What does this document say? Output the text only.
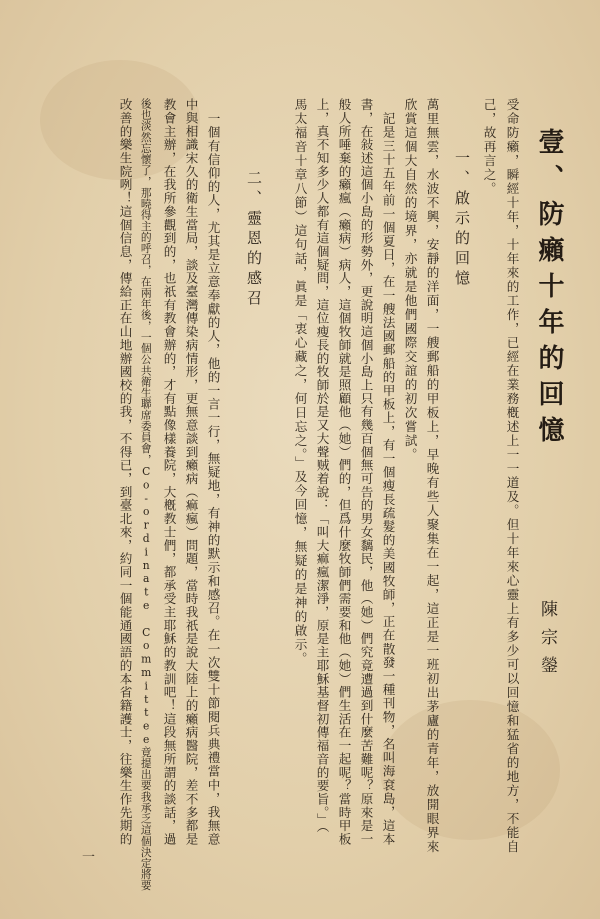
壹、防癩十年的回憶
陳宗鎣
受命防癩，瞬經十年，十年來的工作，已經在業務槪述上一一道及。但十年來心靈上有多少可以回憶和猛省的地方，不能自
己，故再言之。
一、啟示的回憶
萬里無雲，水波不興，安靜的洋面，一艘郵船的甲板上，早晚有些人聚集在一起，這正是一班初出茅廬的青年，放開眼界來
欣賞這個大自然的境界，亦就是他們國際交誼的初次嘗試。
記是三十五年前一個夏日，在一艘法國郵船的甲板上，有一個瘦長疏髮的美國牧師，正在散發一種刊物，名叫海袞島，這本
書，在敍述這個小島的形勢外，更說明這個小島上只有幾百個無可告的男女黐民，他（她）們究竟遭過到什麼苦難呢？原來是一
般人所唾棄的癩瘋（癩病）病人，這個牧師就是照顧他（她）們的，但爲什麼牧師們需要和他（她）們生活在一起呢？當時甲板
上，真不知多少人都有這個疑問，這位瘦長的牧師於是又大聲贼着說：「叫大痲瘋潔淨，原是主耶穌基督初傳福音的要旨。」（
馬太福音十章八節）這句話，眞是「衷心藏之，何日忘之。」及今回憶，無疑的是神的啟示。
二、靈恩的感召
一個有信仰的人，尤其是立意奉獻的人，他的一言一行，無疑地，有神的默示和感召。在一次雙十節閱兵典禮當中，我無意
中與相識宋久的衛生當局，談及臺灣傳染病情形，更無意談到癩病（痲瘋）問題，當時我祇是說大陸上的癩病醫院，差不多都是
教會主辦，在我所參觀到的，也祇有教會辦的，才有點像樣養院，大槪教士們，都承受主耶穌的教訓吧！這段無所謂的談話，過
後也淡然忘懷了，那曉得主的呼召，在兩年後，一個公共衛生聯席委員會，Co-ordinate Committee竟提出要我承乏這個決定將要
改善的樂生院咧！這個信息，傳給正在山地辦國校的我，不得已，到臺北來，約同一個能通國語的本省籍護士，往樂生作先期的
一
